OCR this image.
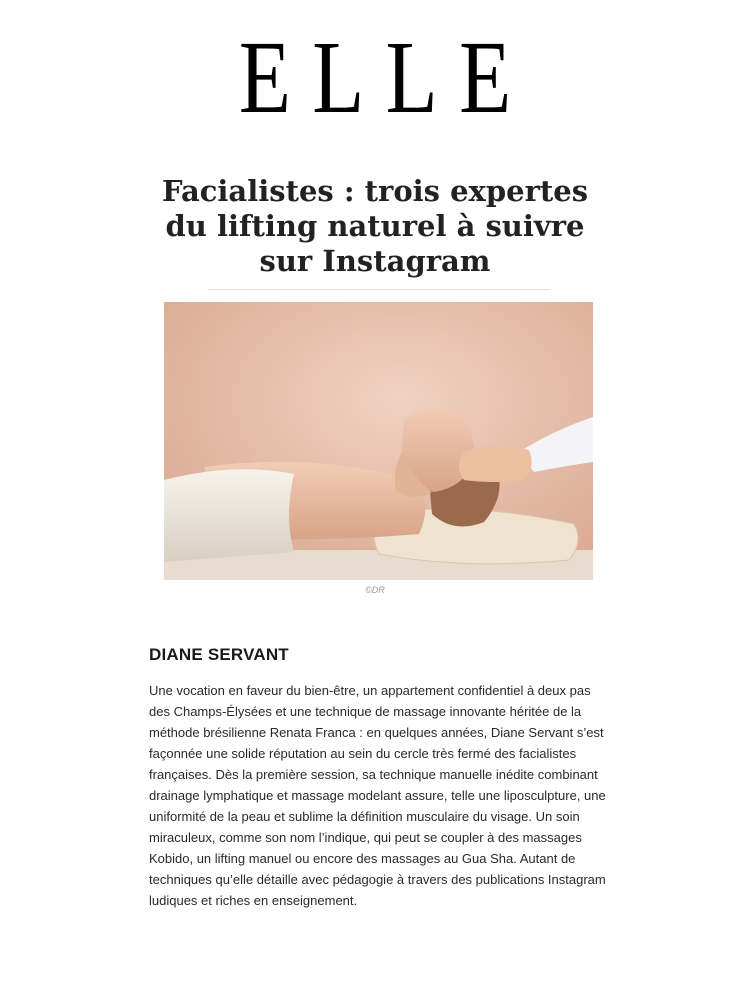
ELLE
Facialistes : trois expertes du lifting naturel à suivre sur Instagram
©DR
DIANE SERVANT

Une vocation en faveur du bien-être, un appartement confidentiel à deux pas des Champs-Élysées et une technique de massage innovante héritée de la méthode brésilienne Renata Franca : en quelques années, Diane Servant s’est façonnée une solide réputation au sein du cercle très fermé des facialistes françaises. Dès la première session, sa technique manuelle inédite combinant drainage lymphatique et massage modelant assure, telle une liposculpture, une uniformité de la peau et sublime la définition musculaire du visage. Un soin miraculeux, comme son nom l’indique, qui peut se coupler à des massages Kobido, un lifting manuel ou encore des massages au Gua Sha. Autant de techniques qu’elle détaille avec pédagogie à travers des publications Instagram ludiques et riches en enseignement.
